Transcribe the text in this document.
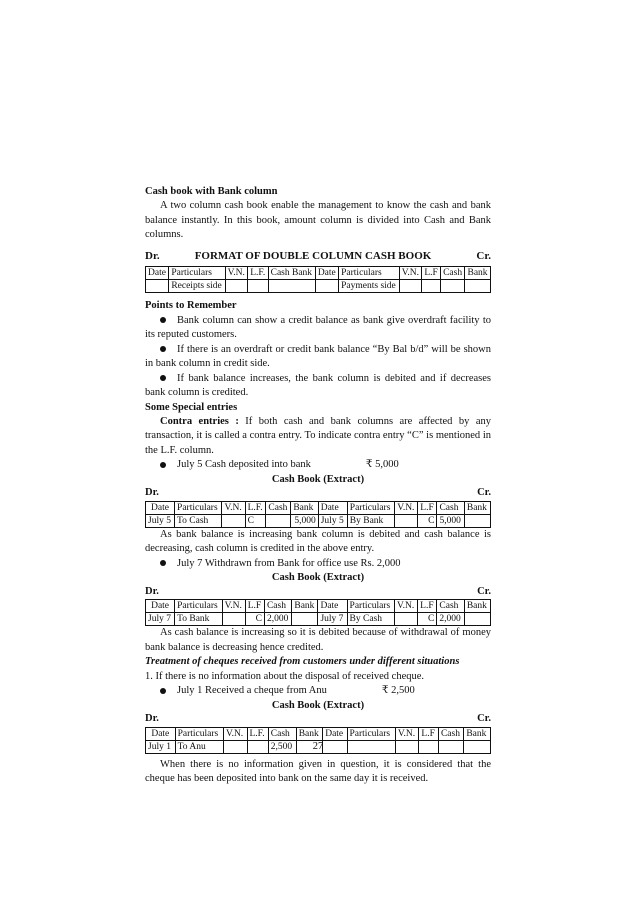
Cash book with Bank column
A two column cash book enable the management to know the cash and bank balance instantly. In this book, amount column is divided into Cash and Bank columns.
Dr.	FORMAT OF DOUBLE COLUMN CASH BOOK	Cr.
Date	Particulars	V.N.	L.F.	Cash Bank	Date	Particulars	V.N.	L.F	Cash	Bank
	Receipts side					Payments side				
Points to Remember
Bank column can show a credit balance as bank give overdraft facility to its reputed customers.
If there is an overdraft or credit bank balance “By Bal b/d” will be shown in bank column in credit side.
If bank balance increases, the bank column is debited and if decreases bank column is credited.
Some Special entries
Contra entries : If both cash and bank columns are affected by any transaction, it is called a contra entry. To indicate contra entry “C” is mentioned in the L.F. column.
July 5 Cash deposited into bank	₹ 5,000
Cash Book (Extract)
Dr.	Cr.
Date	Particulars	V.N.	L.F.	Cash	Bank	Date	Particulars	V.N.	L.F	Cash	Bank
July 5	To Cash		C		5,000	July 5	By Bank		C	5,000	
As bank balance is increasing bank column is debited and cash balance is decreasing, cash column is credited in the above entry.
July 7 Withdrawn from Bank for office use Rs. 2,000
Cash Book (Extract)
Dr.	Cr.
Date	Particulars	V.N.	L.F	Cash	Bank	Date	Particulars	V.N.	L.F	Cash	Bank
July 7	To Bank		C	2,000		July 7	By Cash		C	2,000	
As cash balance is increasing so it is debited because of withdrawal of money bank balance is decreasing hence credited.
Treatment of cheques received from customers under different situations
1. If there is no information about the disposal of received cheque.
July 1 Received a cheque from Anu	₹ 2,500
Cash Book (Extract)
Dr.	Cr.
Date	Particulars	V.N.	L.F.	Cash	Bank	Date	Particulars	V.N.	L.F	Cash	Bank
July 1	To Anu			2,500							
When there is no information given in question, it is considered that the cheque has been deposited into bank on the same day it is received.
27
